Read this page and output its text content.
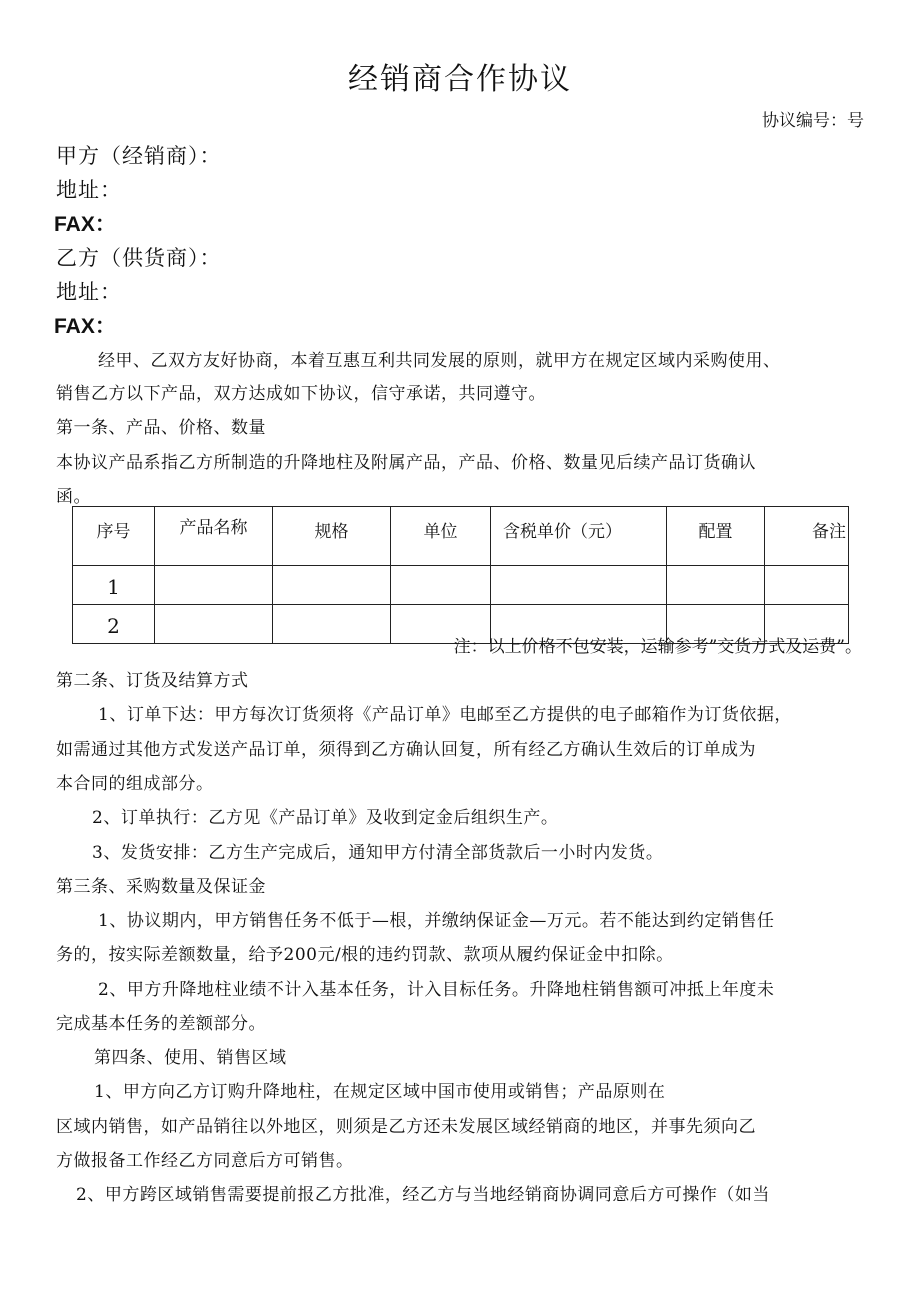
经销商合作协议
协议编号：号
甲方（经销商）：
地址：
FAX：
乙方（供货商）：
地址：
FAX：
经甲、乙双方友好协商，本着互惠互利共同发展的原则，就甲方在规定区域内采购使用、
销售乙方以下产品，双方达成如下协议，信守承诺，共同遵守。
第一条、产品、价格、数量
本协议产品系指乙方所制造的升降地柱及附属产品，产品、价格、数量见后续产品订货确认
函。
序号	产品名称	规格	单位	含税单价（元）	配置	备注
1						
2						
注：以上价格不包安装，运输参考”交货方式及运费”。
第二条、订货及结算方式
1、订单下达：甲方每次订货须将《产品订单》电邮至乙方提供的电子邮箱作为订货依据，
如需通过其他方式发送产品订单，须得到乙方确认回复，所有经乙方确认生效后的订单成为
本合同的组成部分。
2、订单执行：乙方见《产品订单》及收到定金后组织生产。
3、发货安排：乙方生产完成后，通知甲方付清全部货款后一小时内发货。
第三条、采购数量及保证金
1、协议期内，甲方销售任务不低于—根，并缴纳保证金—万元。若不能达到约定销售任
务的，按实际差额数量，给予200元/根的违约罚款、款项从履约保证金中扣除。
2、甲方升降地柱业绩不计入基本任务，计入目标任务。升降地柱销售额可冲抵上年度未
完成基本任务的差额部分。
第四条、使用、销售区域
1、甲方向乙方订购升降地柱，在规定区域中国市使用或销售；产品原则在
区域内销售，如产品销往以外地区，则须是乙方还未发展区域经销商的地区，并事先须向乙
方做报备工作经乙方同意后方可销售。
2、甲方跨区域销售需要提前报乙方批准，经乙方与当地经销商协调同意后方可操作（如当
